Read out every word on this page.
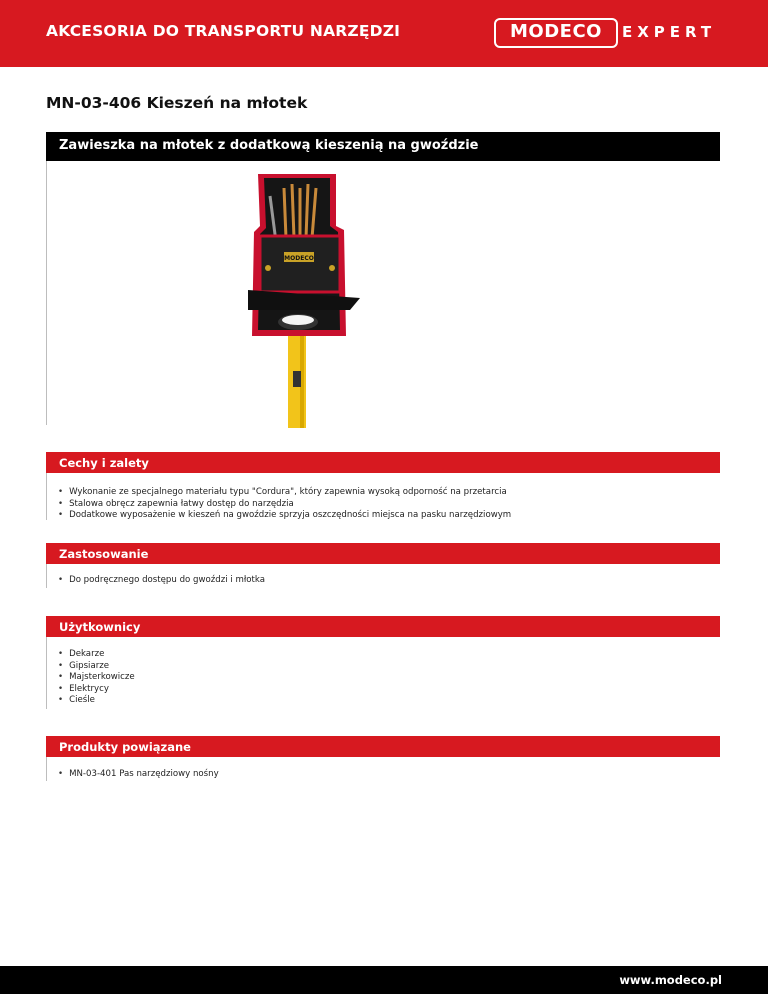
AKCESORIA DO TRANSPORTU NARZĘDZI	MODECO	EXPERT
MN-03-406 Kieszeń na młotek
Zawieszka na młotek z dodatkową kieszenią na gwoździe
MODECO
Cechy i zalety
• Wykonanie ze specjalnego materiału typu "Cordura", który zapewnia wysoką odporność na przetarcia
• Stalowa obręcz zapewnia łatwy dostęp do narzędzia
• Dodatkowe wyposażenie w kieszeń na gwoździe sprzyja oszczędności miejsca na pasku narzędziowym
Zastosowanie
• Do podręcznego dostępu do gwoździ i młotka
Użytkownicy
• Dekarze
• Gipsiarze
• Majsterkowicze
• Elektrycy
• Cieśle
Produkty powiązane
• MN-03-401 Pas narzędziowy nośny
www.modeco.pl
